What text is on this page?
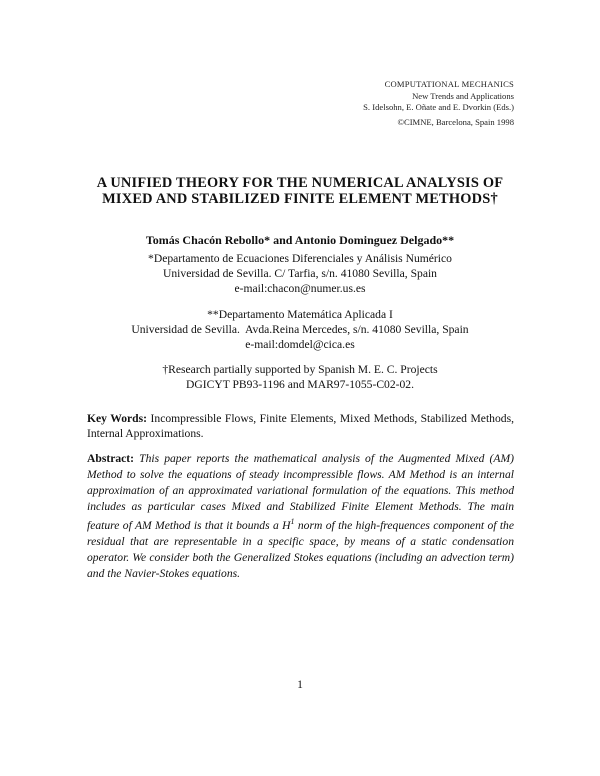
COMPUTATIONAL MECHANICS
New Trends and Applications
S. Idelsohn, E. Oñate and E. Dvorkin (Eds.)
©CIMNE, Barcelona, Spain 1998
A UNIFIED THEORY FOR THE NUMERICAL ANALYSIS OF MIXED AND STABILIZED FINITE ELEMENT METHODS†
Tomás Chacón Rebollo* and Antonio Dominguez Delgado**
*Departamento de Ecuaciones Diferenciales y Análisis Numérico
Universidad de Sevilla. C/ Tarfia, s/n. 41080 Sevilla, Spain
e-mail:chacon@numer.us.es
**Departamento Matemática Aplicada I
Universidad de Sevilla.  Avda.Reina Mercedes, s/n. 41080 Sevilla, Spain
e-mail:domdel@cica.es
†Research partially supported by Spanish M. E. C. Projects
DGICYT PB93-1196 and MAR97-1055-C02-02.
Key Words: Incompressible Flows, Finite Elements, Mixed Methods, Stabilized Methods, Internal Approximations.
Abstract: This paper reports the mathematical analysis of the Augmented Mixed (AM) Method to solve the equations of steady incompressible flows. AM Method is an internal approximation of an approximated variational formulation of the equations. This method includes as particular cases Mixed and Stabilized Finite Element Methods. The main feature of AM Method is that it bounds a $H^1$ norm of the high-frequences component of the residual that are representable in a specific space, by means of a static condensation operator. We consider both the Generalized Stokes equations (including an advection term) and the Navier-Stokes equations.
1
